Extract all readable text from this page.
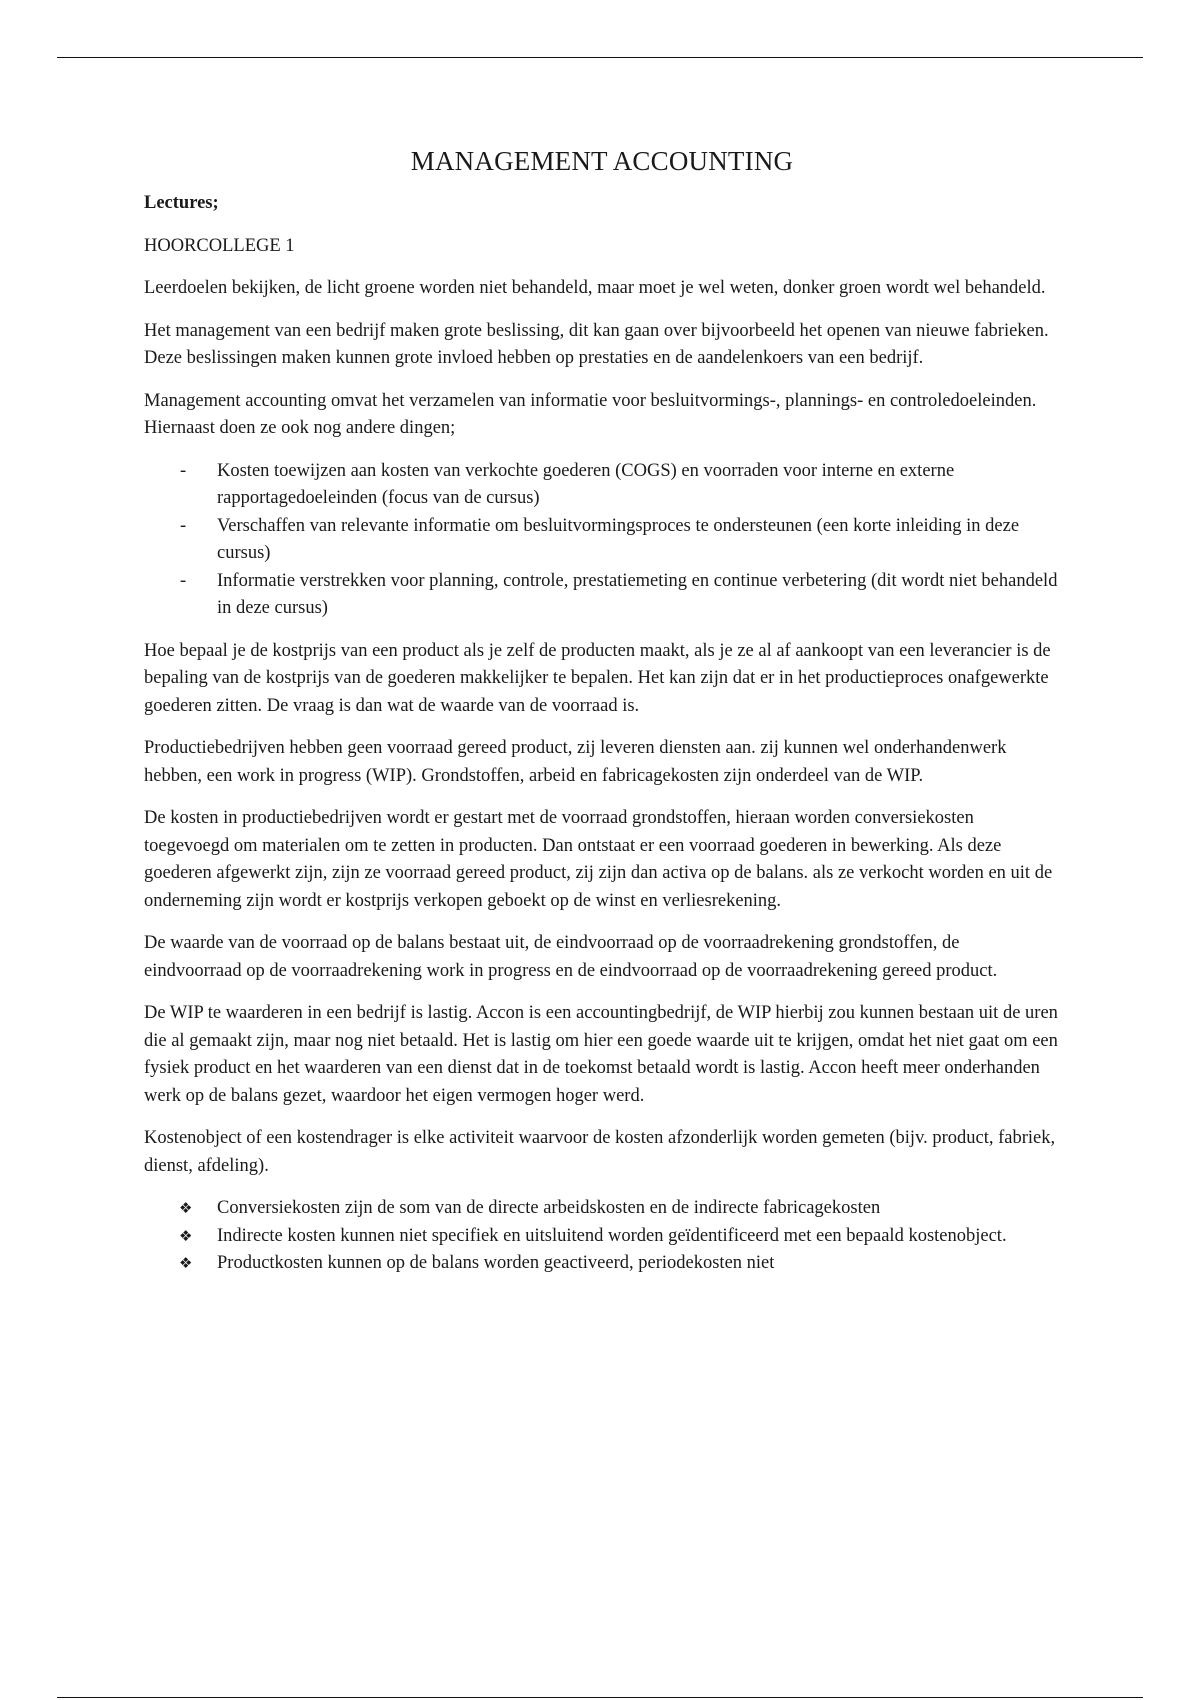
MANAGEMENT ACCOUNTING
Lectures;
HOORCOLLEGE 1

Leerdoelen bekijken, de licht groene worden niet behandeld, maar moet je wel weten, donker groen wordt wel behandeld.

Het management van een bedrijf maken grote beslissing, dit kan gaan over bijvoorbeeld het openen van nieuwe fabrieken. Deze beslissingen maken kunnen grote invloed hebben op prestaties en de aandelenkoers van een bedrijf.

Management accounting omvat het verzamelen van informatie voor besluitvormings-, plannings- en controledoeleinden. Hiernaast doen ze ook nog andere dingen;

-	Kosten toewijzen aan kosten van verkochte goederen (COGS) en voorraden voor interne en externe rapportagedoeleinden (focus van de cursus)
-	Verschaffen van relevante informatie om besluitvormingsproces te ondersteunen (een korte inleiding in deze cursus)
-	Informatie verstrekken voor planning, controle, prestatiemeting en continue verbetering (dit wordt niet behandeld in deze cursus)

Hoe bepaal je de kostprijs van een product als je zelf de producten maakt, als je ze al af aankoopt van een leverancier is de bepaling van de kostprijs van de goederen makkelijker te bepalen. Het kan zijn dat er in het productieproces onafgewerkte goederen zitten. De vraag is dan wat de waarde van de voorraad is.

Productiebedrijven hebben geen voorraad gereed product, zij leveren diensten aan. zij kunnen wel onderhandenwerk hebben, een work in progress (WIP). Grondstoffen, arbeid en fabricagekosten zijn onderdeel van de WIP.

De kosten in productiebedrijven wordt er gestart met de voorraad grondstoffen, hieraan worden conversiekosten toegevoegd om materialen om te zetten in producten. Dan ontstaat er een voorraad goederen in bewerking. Als deze goederen afgewerkt zijn, zijn ze voorraad gereed product, zij zijn dan activa op de balans. als ze verkocht worden en uit de onderneming zijn wordt er kostprijs verkopen geboekt op de winst en verliesrekening.

De waarde van de voorraad op de balans bestaat uit, de eindvoorraad op de voorraadrekening grondstoffen, de eindvoorraad op de voorraadrekening work in progress en de eindvoorraad op de voorraadrekening gereed product.

De WIP te waarderen in een bedrijf is lastig. Accon is een accountingbedrijf, de WIP hierbij zou kunnen bestaan uit de uren die al gemaakt zijn, maar nog niet betaald. Het is lastig om hier een goede waarde uit te krijgen, omdat het niet gaat om een fysiek product en het waarderen van een dienst dat in de toekomst betaald wordt is lastig. Accon heeft meer onderhanden werk op de balans gezet, waardoor het eigen vermogen hoger werd.

Kostenobject of een kostendrager is elke activiteit waarvoor de kosten afzonderlijk worden gemeten (bijv. product, fabriek, dienst, afdeling).

❖	Conversiekosten zijn de som van de directe arbeidskosten en de indirecte fabricagekosten
❖	Indirecte kosten kunnen niet specifiek en uitsluitend worden geïdentificeerd met een bepaald kostenobject.
❖	Productkosten kunnen op de balans worden geactiveerd, periodekosten niet
